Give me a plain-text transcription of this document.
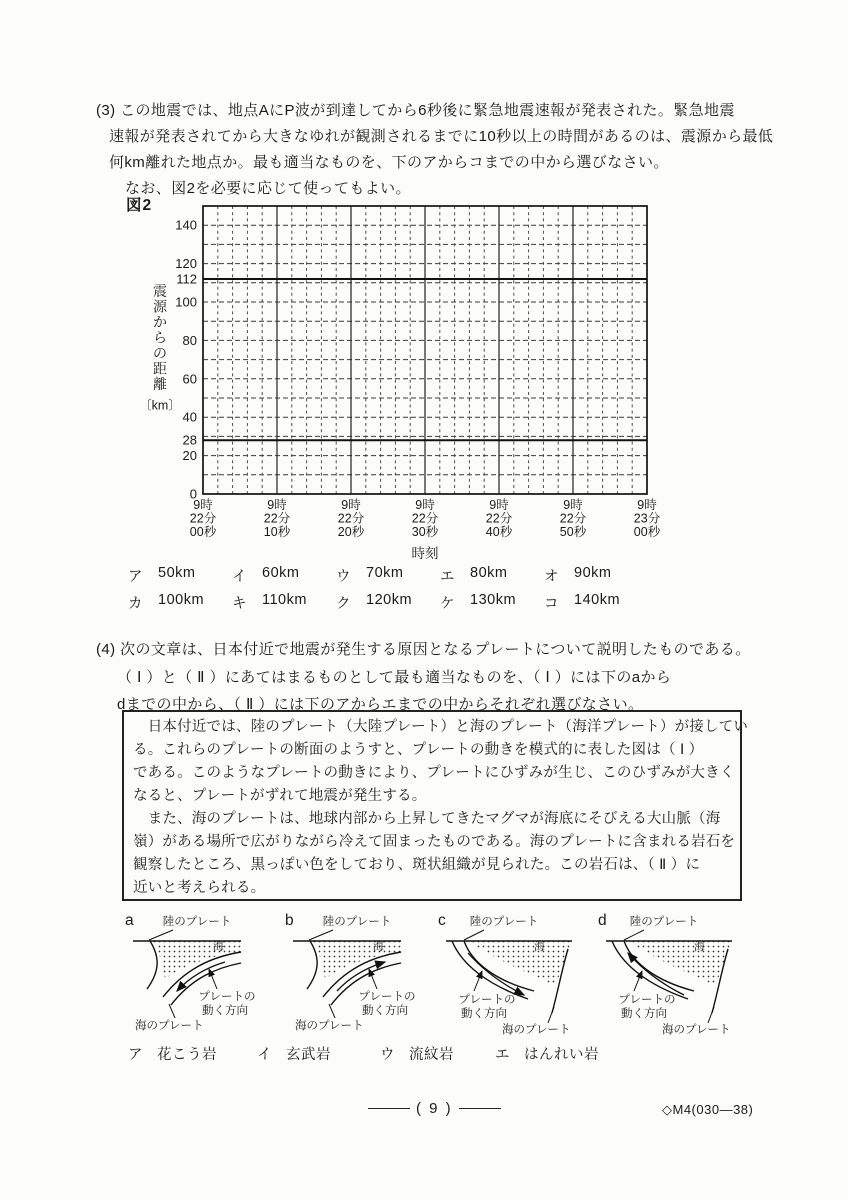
(3) この地震では、地点AにP波が到達してから6秒後に緊急地震速報が発表された。緊急地震
速報が発表されてから大きなゆれが観測されるまでに10秒以上の時間があるのは、震源から最低
何km離れた地点か。最も適当なものを、下のアからコまでの中から選びなさい。
なお、図2を必要に応じて使ってもよい。
図2
0
20
28
40
60
80
100
112
120
140
9時 22分 00秒
9時 22分 10秒
9時 22分 20秒
9時 22分 30秒
9時 22分 40秒
9時 22分 50秒
9時 23分 00秒
時刻
震
源
か
ら
の
距
離
〔km〕
ア 50km	イ 60km	ウ 70km	エ 80km	オ 90km
カ 100km キ 110km ク 120km ケ 130km コ 140km
(4) 次の文章は、日本付近で地震が発生する原因となるプレートについて説明したものである。
（ Ⅰ ）と（ Ⅱ ）にあてはまるものとして最も適当なものを、（ Ⅰ ）には下のaから
dまでの中から、（ Ⅱ ）には下のアからエまでの中からそれぞれ選びなさい。
　日本付近では、陸のプレート（大陸プレート）と海のプレート（海洋プレート）が接してい
る。これらのプレートの断面のようすと、プレートの動きを模式的に表した図は（ Ⅰ ）
である。このようなプレートの動きにより、プレートにひずみが生じ、このひずみが大きく
なると、プレートがずれて地震が発生する。
　また、海のプレートは、地球内部から上昇してきたマグマが海底にそびえる大山脈（海
嶺）がある場所で広がりながら冷えて固まったものである。海のプレートに含まれる岩石を
観察したところ、黒っぽい色をしており、斑状組織が見られた。この岩石は、（ Ⅱ ）に
近いと考えられる。
a	陸のプレート
海
海のプレート
プレートの
動く方向
b	陸のプレート
海
海のプレート
プレートの
動く方向
c 陸のプレート
海
海のプレート
プレートの
動く方向
d 陸のプレート
海
海のプレート
プレートの
動く方向
ア 花こう岩	イ 玄武岩	ウ 流紋岩	エ はんれい岩
( 9 )	◇M4(030—38)
